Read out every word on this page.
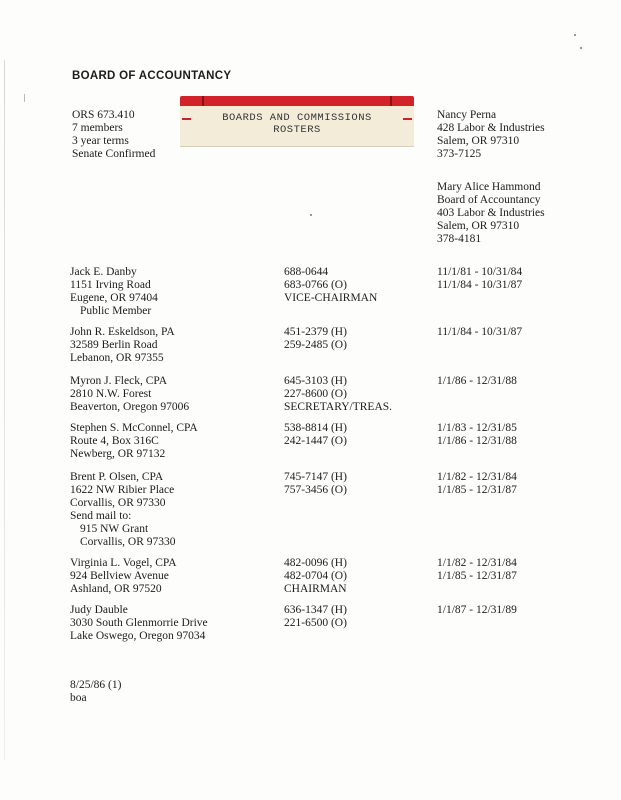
BOARD OF ACCOUNTANCY
ORS 673.410
7 members
3 year terms
Senate Confirmed
BOARDS AND COMMISSIONS
ROSTERS
Nancy Perna
428 Labor & Industries
Salem, OR 97310
373-7125
Mary Alice Hammond
Board of Accountancy
403 Labor & Industries
Salem, OR 97310
378-4181
Jack E. Danby
1151 Irving Road
Eugene, OR 97404
Public Member
688-0644
683-0766 (O)
VICE-CHAIRMAN
11/1/81 - 10/31/84
11/1/84 - 10/31/87
John R. Eskeldson, PA
32589 Berlin Road
Lebanon, OR 97355
451-2379 (H)
259-2485 (O)
11/1/84 - 10/31/87
Myron J. Fleck, CPA
2810 N.W. Forest
Beaverton, Oregon 97006
645-3103 (H)
227-8600 (O)
SECRETARY/TREAS.
1/1/86 - 12/31/88
Stephen S. McConnel, CPA
Route 4, Box 316C
Newberg, OR 97132
538-8814 (H)
242-1447 (O)
1/1/83 - 12/31/85
1/1/86 - 12/31/88
Brent P. Olsen, CPA
1622 NW Ribier Place
Corvallis, OR 97330
Send mail to:
915 NW Grant
Corvallis, OR 97330
745-7147 (H)
757-3456 (O)
1/1/82 - 12/31/84
1/1/85 - 12/31/87
Virginia L. Vogel, CPA
924 Bellview Avenue
Ashland, OR 97520
482-0096 (H)
482-0704 (O)
CHAIRMAN
1/1/82 - 12/31/84
1/1/85 - 12/31/87
Judy Dauble
3030 South Glenmorrie Drive
Lake Oswego, Oregon 97034
636-1347 (H)
221-6500 (O)
1/1/87 - 12/31/89
8/25/86 (1)
boa
